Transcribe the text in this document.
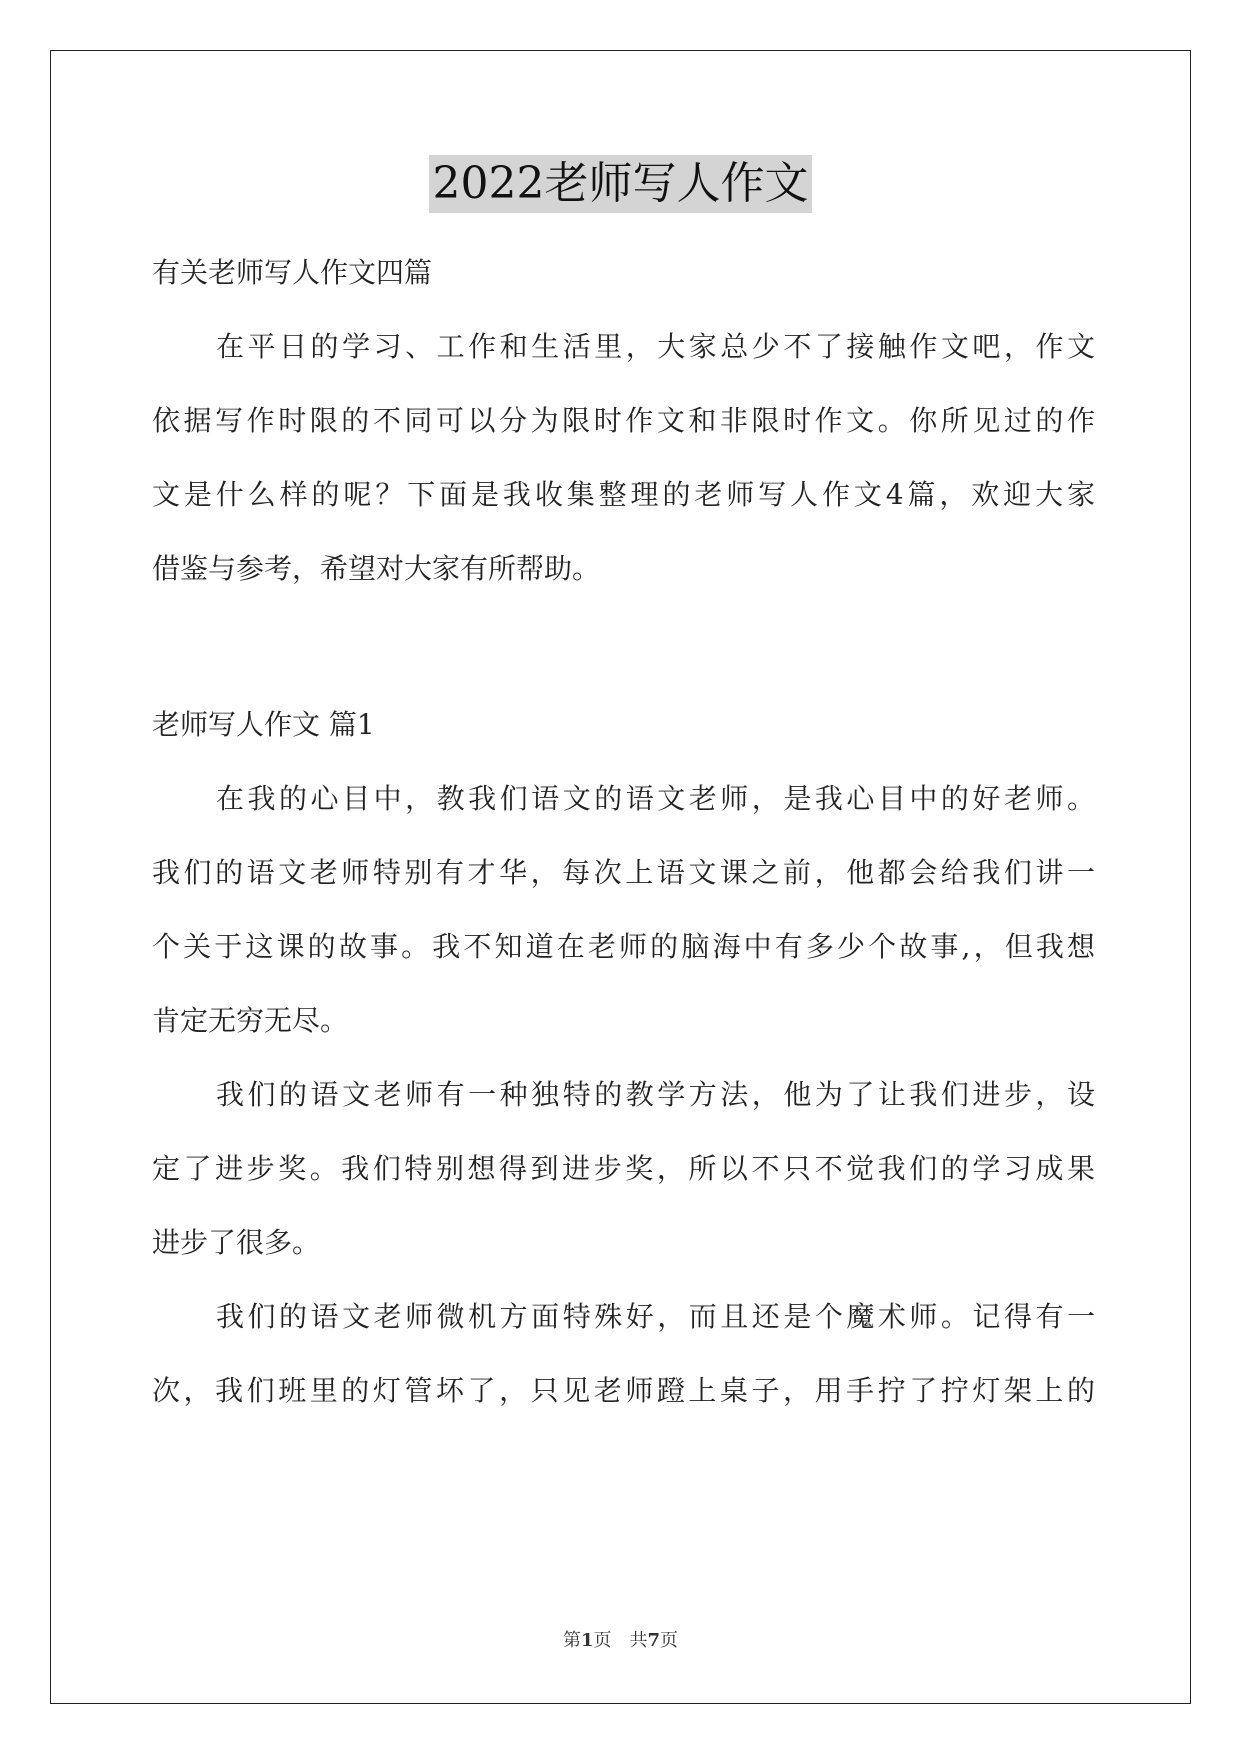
2022老师写人作文
有关老师写人作文四篇
在平日的学习、工作和生活里，大家总少不了接触作文吧，作文
依据写作时限的不同可以分为限时作文和非限时作文。你所见过的作
文是什么样的呢？下面是我收集整理的老师写人作文4篇，欢迎大家
借鉴与参考，希望对大家有所帮助。
老师写人作文 篇1
在我的心目中，教我们语文的语文老师，是我心目中的好老师。
我们的语文老师特别有才华，每次上语文课之前，他都会给我们讲一
个关于这课的故事。我不知道在老师的脑海中有多少个故事,，但我想
肯定无穷无尽。
我们的语文老师有一种独特的教学方法，他为了让我们进步，设
定了进步奖。我们特别想得到进步奖，所以不只不觉我们的学习成果
进步了很多。
我们的语文老师微机方面特殊好，而且还是个魔术师。记得有一
次，我们班里的灯管坏了，只见老师蹬上桌子，用手拧了拧灯架上的
第1页　共7页
